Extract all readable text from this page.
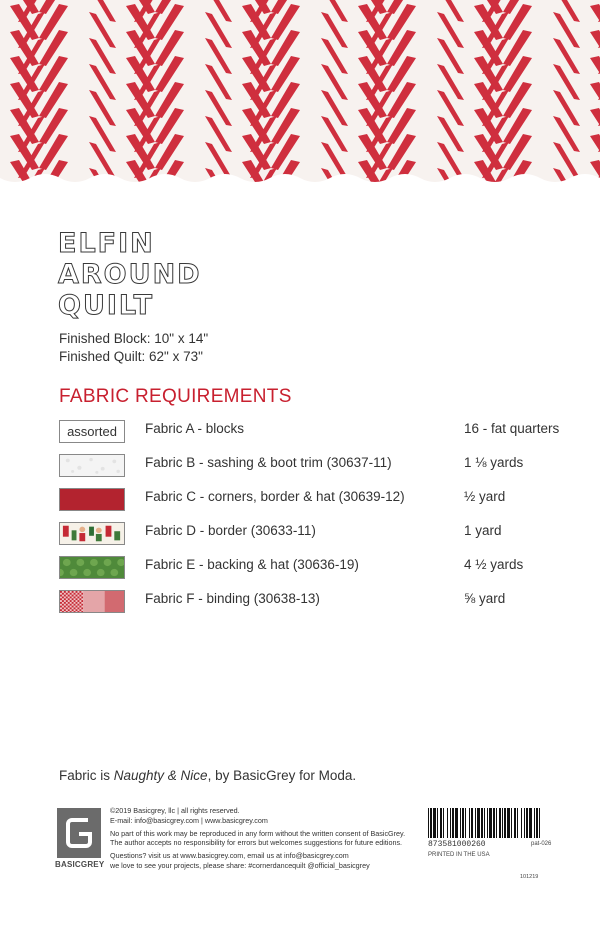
ELFIN
AROUND
QUILT
Finished Block: 10" x 14"
Finished Quilt: 62" x 73"
FABRIC REQUIREMENTS
assorted	Fabric A - blocks	16 - fat quarters
Fabric B - sashing & boot trim (30637-11)	1 ⅛ yards
Fabric C - corners, border & hat (30639-12)	½ yard
Fabric D - border (30633-11)	1 yard
Fabric E - backing & hat (30636-19)	4 ½ yards
Fabric F - binding (30638-13)	⅝ yard
Fabric is Naughty & Nice, by BasicGrey for Moda.
BASICGREY

©2019 Basicgrey, llc | all rights reserved.
E-mail: info@basicgrey.com | www.basicgrey.com

No part of this work may be reproduced in any form without the written consent of BasicGrey. The author accepts no responsibility for errors but welcomes suggestions for future editions.

Questions? visit us at www.basicgrey.com, email us at info@basicgrey.com
we love to see your projects, please share: #cornerdancequilt @official_basicgrey

873581000260	pat-026
PRINTED IN THE USA
101219
